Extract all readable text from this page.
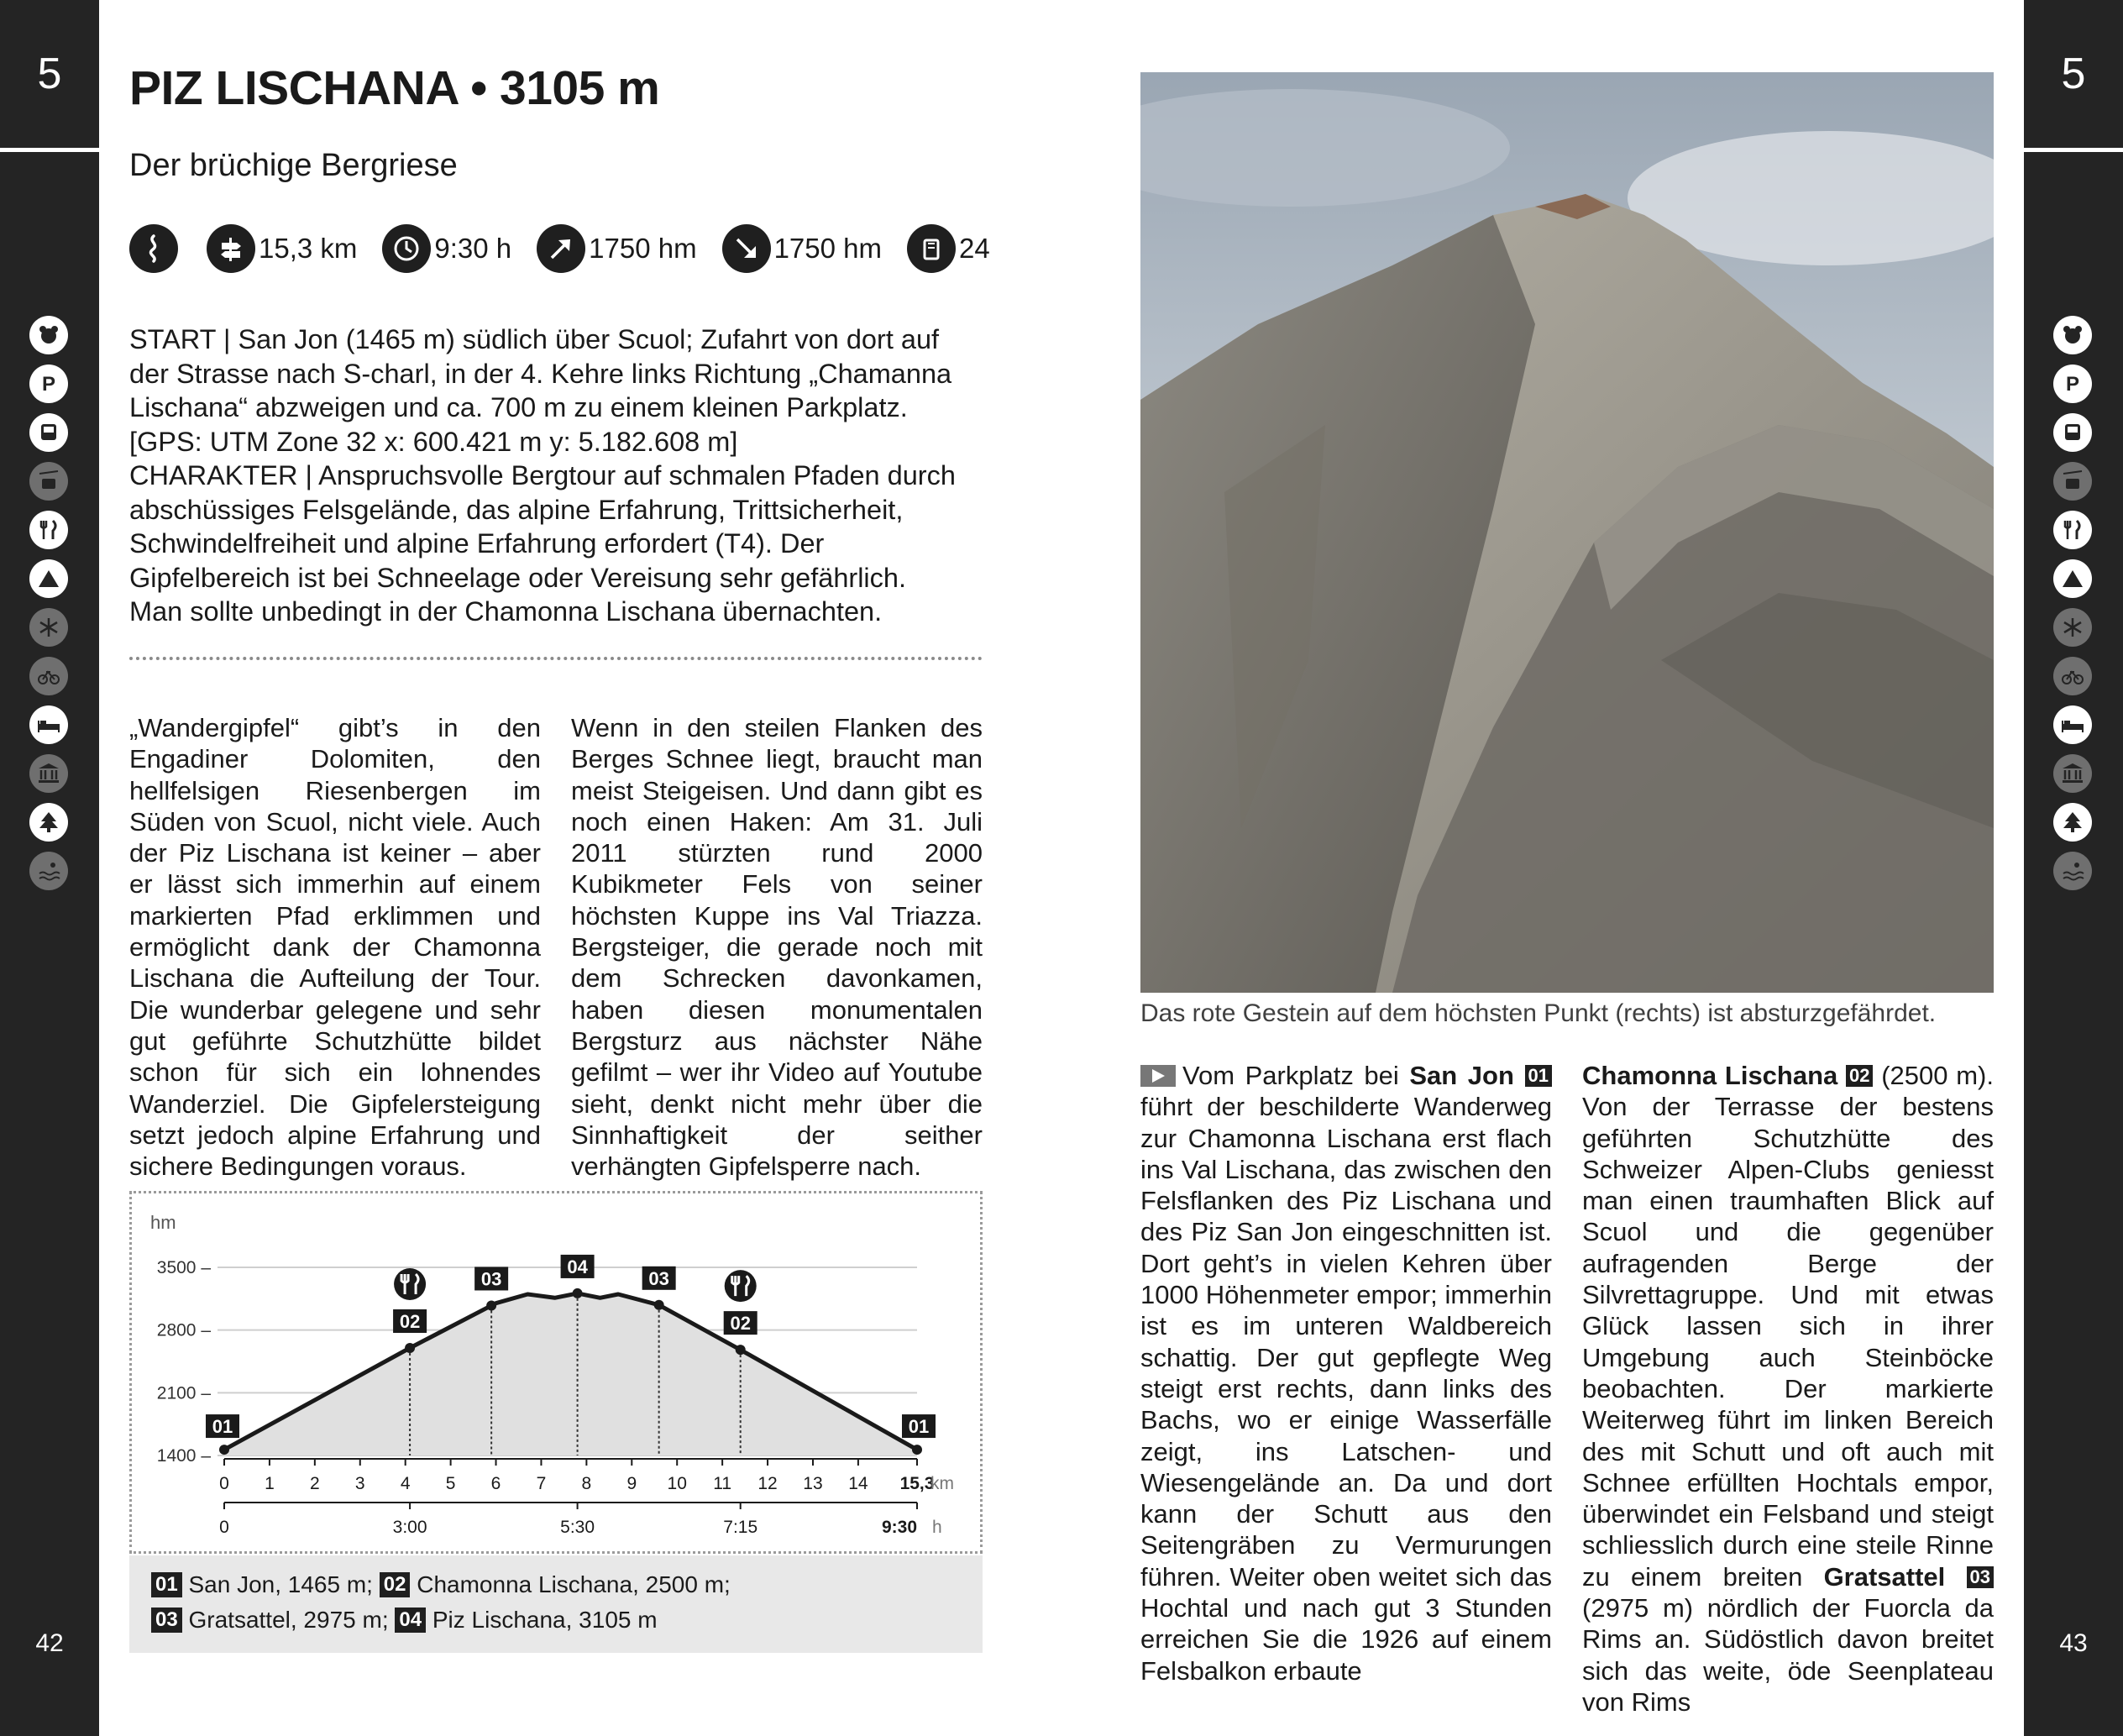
5
P
42
5
P
43
PIZ LISCHANA • 3105 m
Der brüchige Bergriese
15,3 km	9:30 h	1750 hm	1750 hm	24
START | San Jon (1465 m) südlich über Scuol; Zufahrt von dort auf
der Strasse nach S-charl, in der 4. Kehre links Richtung „Chamanna
Lischana“ abzweigen und ca. 700 m zu einem kleinen Parkplatz.
[GPS: UTM Zone 32 x: 600.421 m y: 5.182.608 m]
CHARAKTER | Anspruchsvolle Bergtour auf schmalen Pfaden durch
abschüssiges Felsgelände, das alpine Erfahrung, Trittsicherheit,
Schwindelfreiheit und alpine Erfahrung erfordert (T4). Der
Gipfelbereich ist bei Schneelage oder Vereisung sehr gefährlich.
Man sollte unbedingt in der Chamonna Lischana übernachten.

„Wandergipfel“ gibt’s in den Engadiner Dolomiten, den hellfelsigen Riesenbergen im Süden von Scuol, nicht viele. Auch der Piz Lischana ist keiner – aber er lässt sich immerhin auf einem markierten Pfad erklimmen und ermöglicht dank der Chamonna Lischana die Aufteilung der Tour. Die wunderbar gelegene und sehr gut geführte Schutzhütte bildet schon für sich ein lohnendes Wanderziel. Die Gipfelersteigung setzt jedoch alpine Erfahrung und sichere Bedingungen voraus.

Wenn in den steilen Flanken des Berges Schnee liegt, braucht man meist Steigeisen. Und dann gibt es noch einen Haken: Am 31. Juli 2011 stürzten rund 2000 Kubikmeter Fels von seiner höchsten Kuppe ins Val Triazza. Bergsteiger, die gerade noch mit dem Schrecken davonkamen, haben diesen monumentalen Bergsturz aus nächster Nähe gefilmt – wer ihr Video auf Youtube sieht, denkt nicht mehr über die Sinnhaftigkeit der seither verhängten Gipfelsperre nach.

hm
1400 –
2100 –
2800 –
3500 –
0 1 2 3 4 5 6 7 8 9 10 11 12 13 14 15,3
km
0	3:00	5:30	7:15	9:30 h
01
02
03
04
03
02
01
01 San Jon, 1465 m; 02 Chamonna Lischana, 2500 m;
03 Gratsattel, 2975 m; 04 Piz Lischana, 3105 m
Das rote Gestein auf dem höchsten Punkt (rechts) ist absturzgefährdet.

Vom Parkplatz bei San Jon 01 führt der beschilderte Wanderweg zur Chamonna Lischana erst flach ins Val Lischana, das zwischen den Felsflanken des Piz Lischana und des Piz San Jon eingeschnitten ist. Dort geht’s in vielen Kehren über 1000 Höhenmeter empor; immerhin ist es im unteren Waldbereich schattig. Der gut gepflegte Weg steigt erst rechts, dann links des Bachs, wo er einige Wasserfälle zeigt, ins Latschen- und Wiesengelände an. Da und dort kann der Schutt aus den Seitengräben zu Vermurungen führen. Weiter oben weitet sich das Hochtal und nach gut 3 Stunden erreichen Sie die 1926 auf einem Felsbalkon erbaute

Chamonna Lischana 02 (2500 m). Von der Terrasse der bestens geführten Schutzhütte des Schweizer Alpen-Clubs geniesst man einen traumhaften Blick auf Scuol und die gegenüber aufragenden Berge der Silvrettagruppe. Und mit etwas Glück lassen sich in ihrer Umgebung auch Steinböcke beobachten. Der markierte Weiterweg führt im linken Bereich des mit Schutt und oft auch mit Schnee erfüllten Hochtals empor, überwindet ein Felsband und steigt schliesslich durch eine steile Rinne zu einem breiten Gratsattel 03 (2975 m) nördlich der Fuorcla da Rims an. Südöstlich davon breitet sich das weite, öde Seenplateau von Rims
